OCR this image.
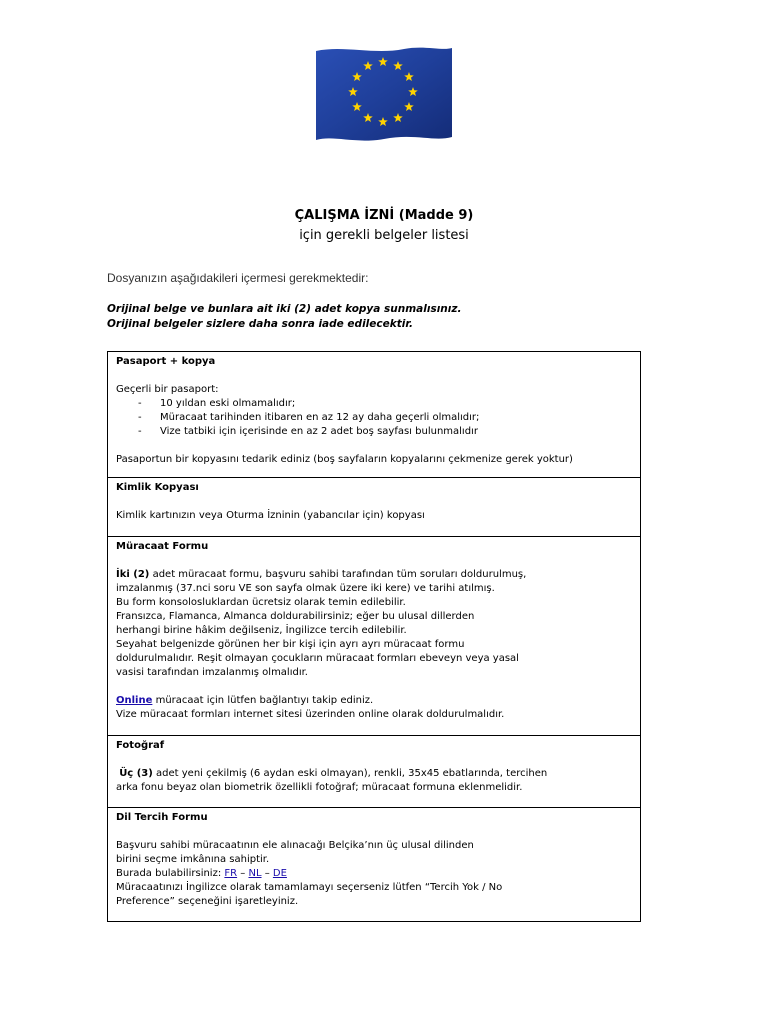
ÇALIŞMA İZNİ (Madde 9)
için gerekli belgeler listesi
Dosyanızın aşağıdakileri içermesi gerekmektedir:
Orijinal belge ve bunlara ait iki (2) adet kopya sunmalısınız.
Orijinal belgeler sizlere daha sonra iade edilecektir.
Pasaport + kopya
Geçerli bir pasaport:
- 10 yıldan eski olmamalıdır;
- Müracaat tarihinden itibaren en az 12 ay daha geçerli olmalıdır;
- Vize tatbiki için içerisinde en az 2 adet boş sayfası bulunmalıdır
Pasaportun bir kopyasını tedarik ediniz (boş sayfaların kopyalarını çekmenize gerek yoktur)

Kimlik Kopyası
Kimlik kartınızın veya Oturma İzninin (yabancılar için) kopyası

Müracaat Formu
İki (2) adet müracaat formu, başvuru sahibi tarafından tüm soruları doldurulmuş,
imzalanmış (37.nci soru VE son sayfa olmak üzere iki kere) ve tarihi atılmış.
Bu form konsolosluklardan ücretsiz olarak temin edilebilir.
Fransızca, Flamanca, Almanca doldurabilirsiniz; eğer bu ulusal dillerden
herhangi birine hâkim değilseniz, İngilizce tercih edilebilir.
Seyahat belgenizde görünen her bir kişi için ayrı ayrı müracaat formu
doldurulmalıdır. Reşit olmayan çocukların müracaat formları ebeveyn veya yasal
vasisi tarafından imzalanmış olmalıdır.
Online müracaat için lütfen bağlantıyı takip ediniz.
Vize müracaat formları internet sitesi üzerinden online olarak doldurulmalıdır.

Fotoğraf
Üç (3) adet yeni çekilmiş (6 aydan eski olmayan), renkli, 35x45 ebatlarında, tercihen
arka fonu beyaz olan biometrik özellikli fotoğraf; müracaat formuna eklenmelidir.

Dil Tercih Formu
Başvuru sahibi müracaatının ele alınacağı Belçika’nın üç ulusal dilinden
birini seçme imkânına sahiptir.
Burada bulabilirsiniz: FR – NL – DE
Müracaatınızı İngilizce olarak tamamlamayı seçerseniz lütfen “Tercih Yok / No
Preference” seçeneğini işaretleyiniz.
